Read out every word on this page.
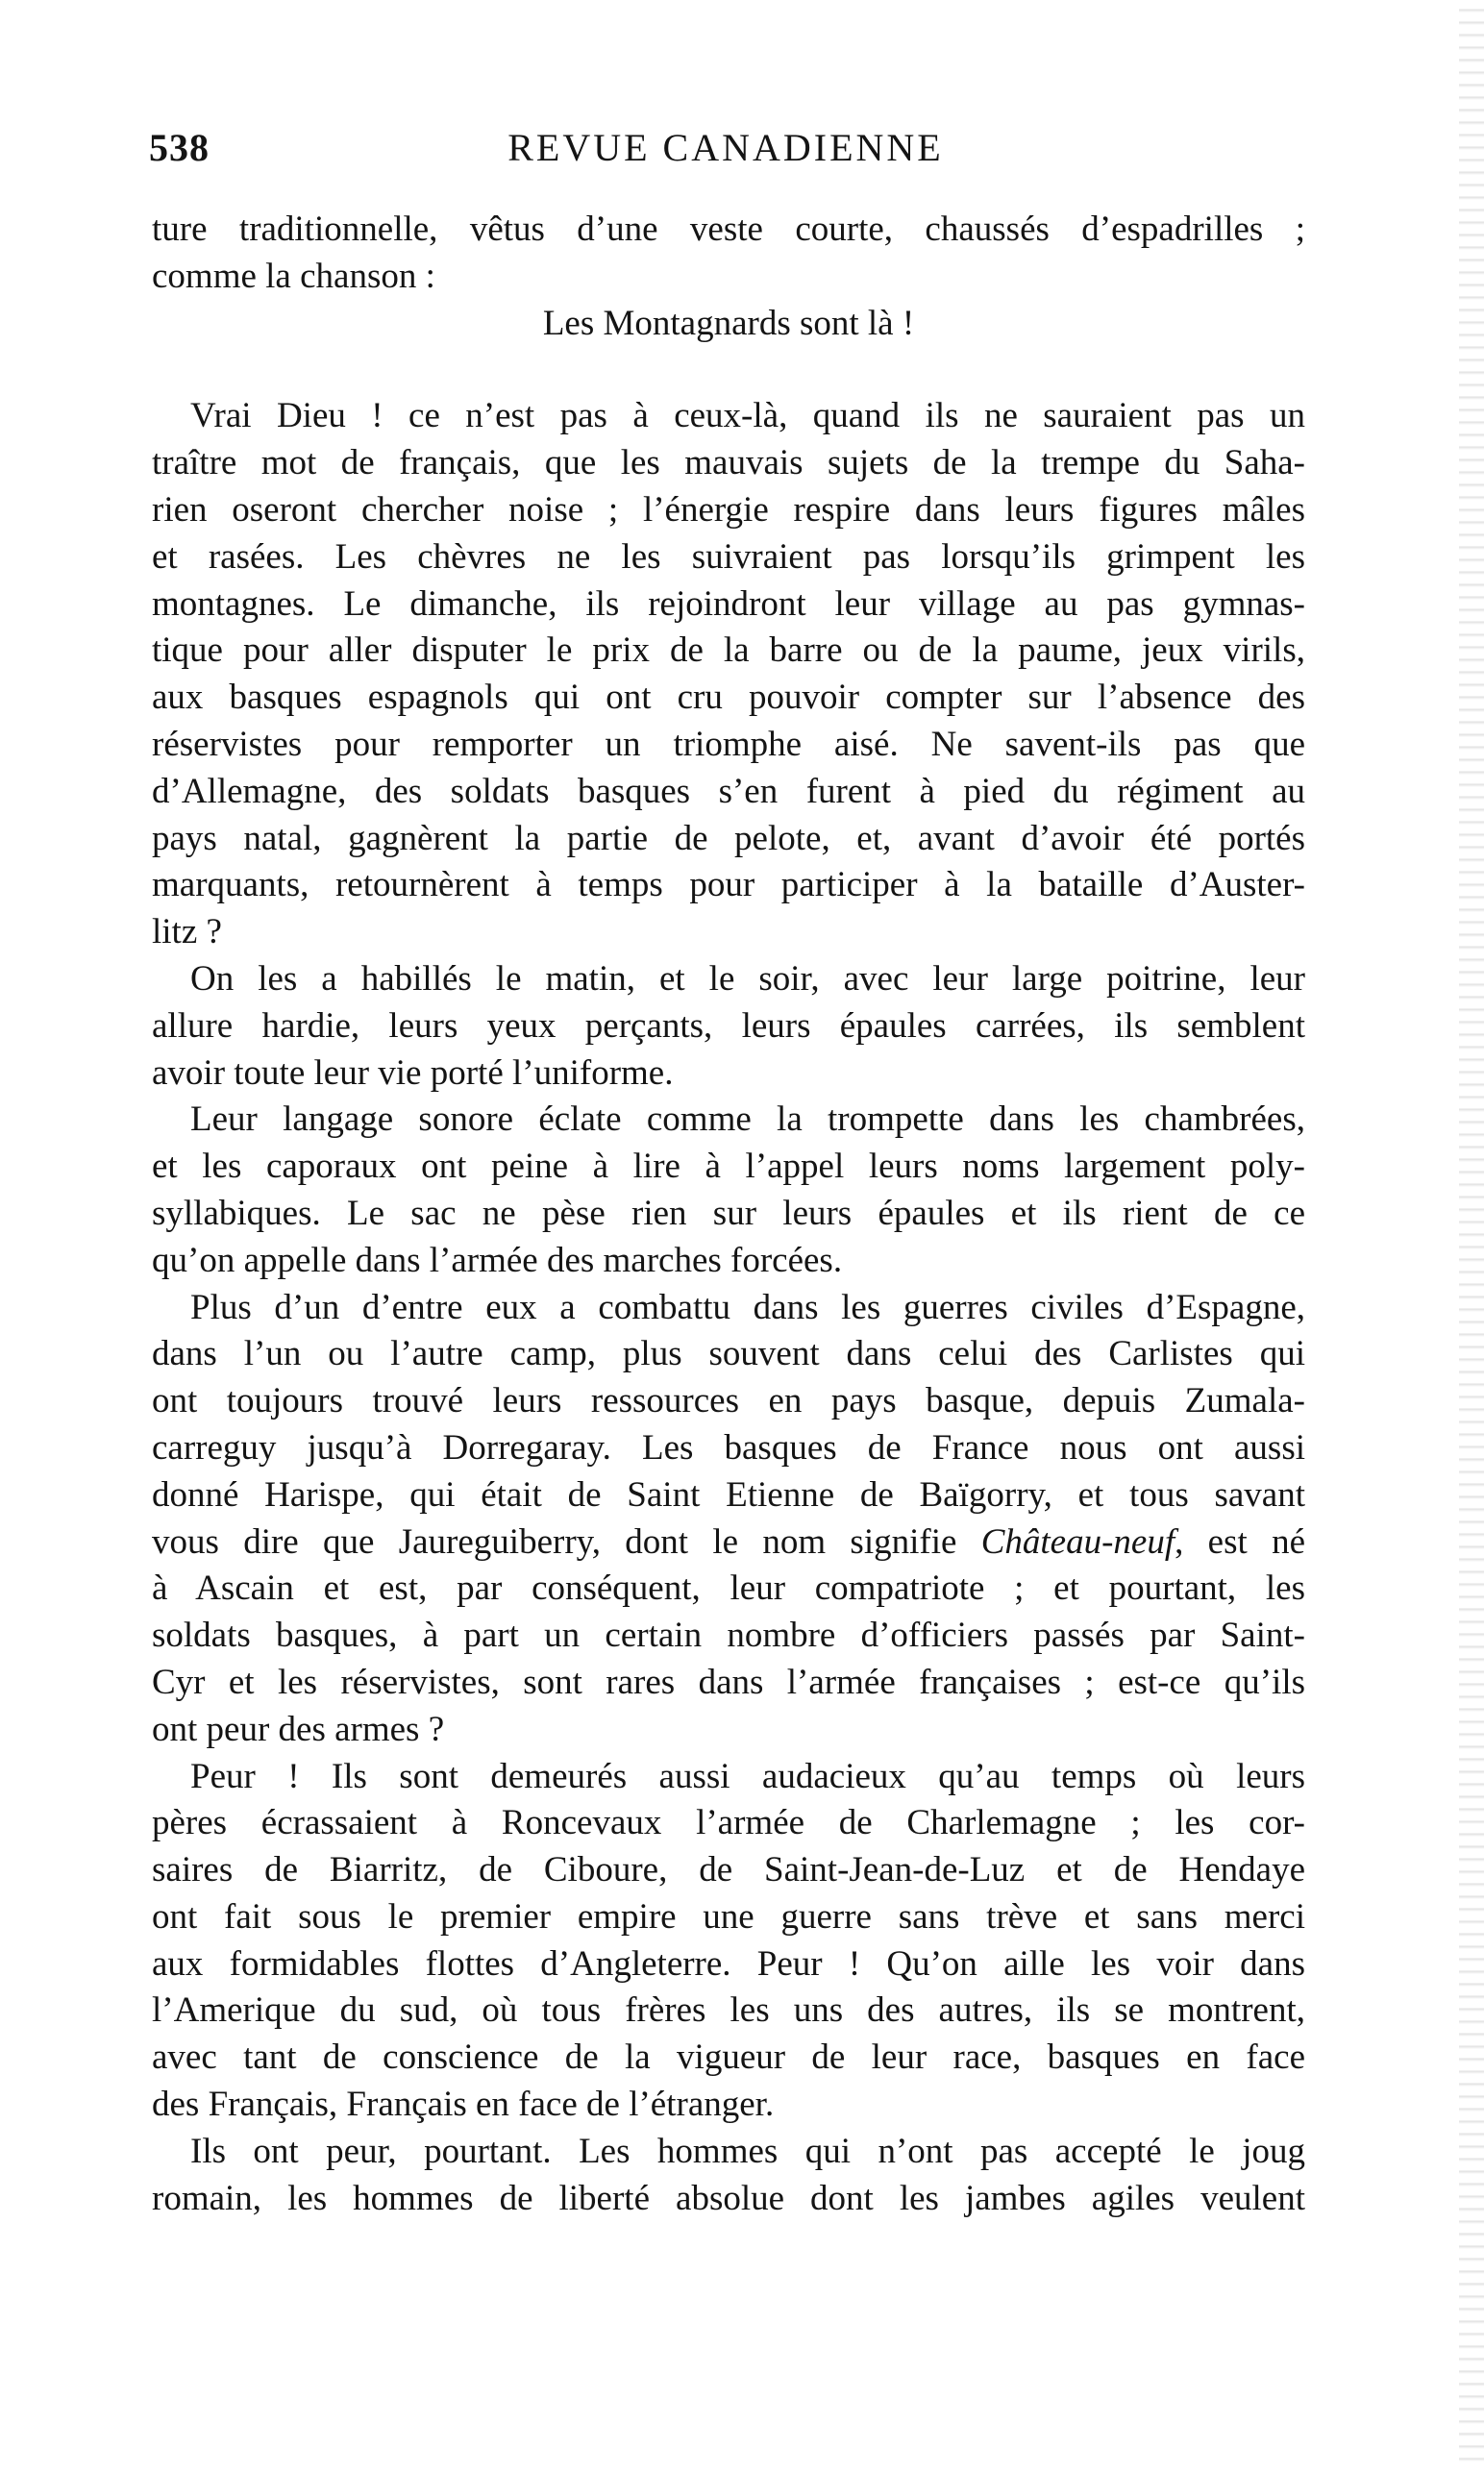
538	REVUE CANADIENNE
ture traditionnelle, vêtus d’une veste courte, chaussés d’espadrilles ;
comme la chanson :
Les Montagnards sont là !
Vrai Dieu ! ce n’est pas à ceux-là, quand ils ne sauraient pas un
traître mot de français, que les mauvais sujets de la trempe du Saha-
rien oseront chercher noise ; l’énergie respire dans leurs figures mâles
et rasées. Les chèvres ne les suivraient pas lorsqu’ils grimpent les
montagnes. Le dimanche, ils rejoindront leur village au pas gymnas-
tique pour aller disputer le prix de la barre ou de la paume, jeux virils,
aux basques espagnols qui ont cru pouvoir compter sur l’absence des
réservistes pour remporter un triomphe aisé. Ne savent-ils pas que
d’Allemagne, des soldats basques s’en furent à pied du régiment au
pays natal, gagnèrent la partie de pelote, et, avant d’avoir été portés
marquants, retournèrent à temps pour participer à la bataille d’Auster-
litz ?
On les a habillés le matin, et le soir, avec leur large poitrine, leur
allure hardie, leurs yeux perçants, leurs épaules carrées, ils semblent
avoir toute leur vie porté l’uniforme.
Leur langage sonore éclate comme la trompette dans les chambrées,
et les caporaux ont peine à lire à l’appel leurs noms largement poly-
syllabiques. Le sac ne pèse rien sur leurs épaules et ils rient de ce
qu’on appelle dans l’armée des marches forcées.
Plus d’un d’entre eux a combattu dans les guerres civiles d’Espagne,
dans l’un ou l’autre camp, plus souvent dans celui des Carlistes qui
ont toujours trouvé leurs ressources en pays basque, depuis Zumala-
carreguy jusqu’à Dorregaray. Les basques de France nous ont aussi
donné Harispe, qui était de Saint Etienne de Baïgorry, et tous savant
vous dire que Jaureguiberry, dont le nom signifie Château-neuf, est né
à Ascain et est, par conséquent, leur compatriote ; et pourtant, les
soldats basques, à part un certain nombre d’officiers passés par Saint-
Cyr et les réservistes, sont rares dans l’armée françaises ; est-ce qu’ils
ont peur des armes ?
Peur ! Ils sont demeurés aussi audacieux qu’au temps où leurs
pères écrassaient à Roncevaux l’armée de Charlemagne ; les cor-
saires de Biarritz, de Ciboure, de Saint-Jean-de-Luz et de Hendaye
ont fait sous le premier empire une guerre sans trève et sans merci
aux formidables flottes d’Angleterre. Peur ! Qu’on aille les voir dans
l’Amerique du sud, où tous frères les uns des autres, ils se montrent,
avec tant de conscience de la vigueur de leur race, basques en face
des Français, Français en face de l’étranger.
Ils ont peur, pourtant. Les hommes qui n’ont pas accepté le joug
romain, les hommes de liberté absolue dont les jambes agiles veulent
